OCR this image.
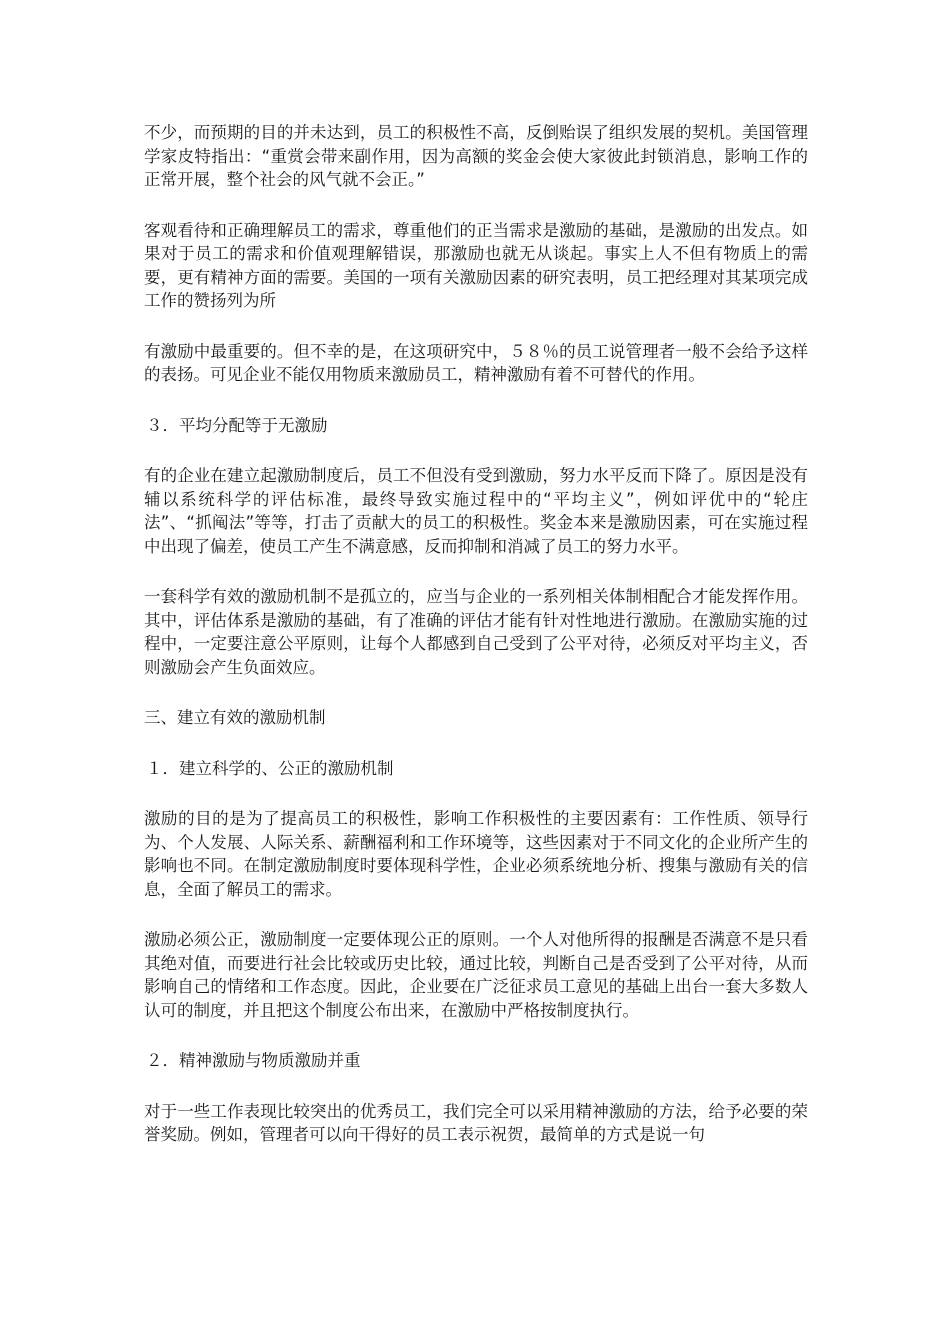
不少，而预期的目的并未达到，员工的积极性不高，反倒贻误了组织发展的契机。美国管理学家皮特指出：“重赏会带来副作用，因为高额的奖金会使大家彼此封锁消息，影响工作的正常开展，整个社会的风气就不会正。”

客观看待和正确理解员工的需求，尊重他们的正当需求是激励的基础，是激励的出发点。如果对于员工的需求和价值观理解错误，那激励也就无从谈起。事实上人不但有物质上的需要，更有精神方面的需要。美国的一项有关激励因素的研究表明，员工把经理对其某项完成工作的赞扬列为所

有激励中最重要的。但不幸的是，在这项研究中，５８％的员工说管理者一般不会给予这样的表扬。可见企业不能仅用物质来激励员工，精神激励有着不可替代的作用。

３．平均分配等于无激励

有的企业在建立起激励制度后，员工不但没有受到激励，努力水平反而下降了。原因是没有辅以系统科学的评估标准，最终导致实施过程中的“平均主义”，例如评优中的“轮庄法”、“抓阄法”等等，打击了贡献大的员工的积极性。奖金本来是激励因素，可在实施过程中出现了偏差，使员工产生不满意感，反而抑制和消减了员工的努力水平。

一套科学有效的激励机制不是孤立的，应当与企业的一系列相关体制相配合才能发挥作用。其中，评估体系是激励的基础，有了准确的评估才能有针对性地进行激励。在激励实施的过程中，一定要注意公平原则，让每个人都感到自己受到了公平对待，必须反对平均主义，否则激励会产生负面效应。

三、建立有效的激励机制

１．建立科学的、公正的激励机制

激励的目的是为了提高员工的积极性，影响工作积极性的主要因素有：工作性质、领导行为、个人发展、人际关系、薪酬福利和工作环境等，这些因素对于不同文化的企业所产生的影响也不同。在制定激励制度时要体现科学性，企业必须系统地分析、搜集与激励有关的信息，全面了解员工的需求。

激励必须公正，激励制度一定要体现公正的原则。一个人对他所得的报酬是否满意不是只看其绝对值，而要进行社会比较或历史比较，通过比较，判断自己是否受到了公平对待，从而影响自己的情绪和工作态度。因此，企业要在广泛征求员工意见的基础上出台一套大多数人认可的制度，并且把这个制度公布出来，在激励中严格按制度执行。

２．精神激励与物质激励并重

对于一些工作表现比较突出的优秀员工，我们完全可以采用精神激励的方法，给予必要的荣誉奖励。例如，管理者可以向干得好的员工表示祝贺，最简单的方式是说一句
